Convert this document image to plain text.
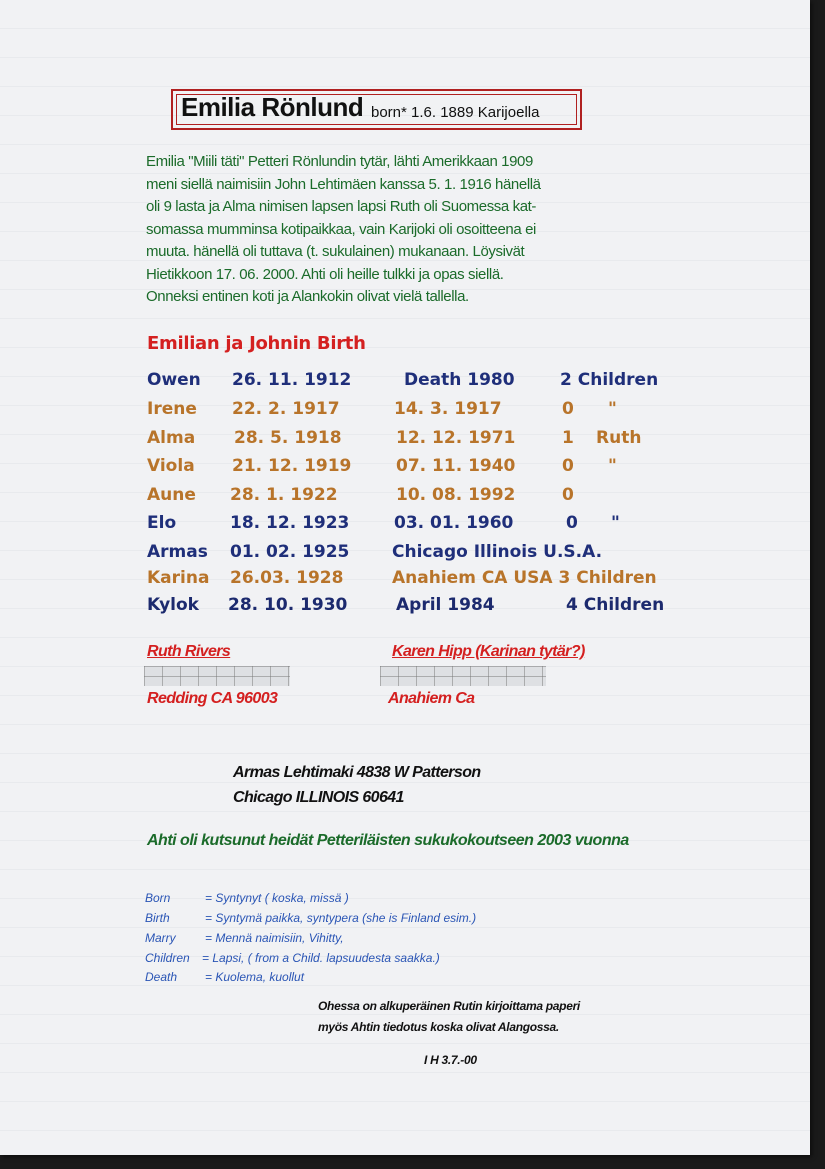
Emilia Rönlund born* 1.6. 1889 Karijoella
Emilia "Miili täti" Petteri Rönlundin tytär, lähti Amerikkaan 1909
meni siellä naimisiin John Lehtimäen kanssa 5. 1. 1916 hänellä
oli 9 lasta ja Alma nimisen lapsen lapsi Ruth oli Suomessa kat-
somassa mumminsa kotipaikkaa, vain Karijoki oli osoitteena ei
muuta. hänellä oli tuttava (t. sukulainen) mukanaan. Löysivät
Hietikkoon 17. 06. 2000. Ahti oli heille tulkki ja opas siellä.
Onneksi entinen koti ja Alankokin olivat vielä tallella.
Emilian ja Johnin Birth
Owen 26. 11. 1912	Death 1980	2 Children
Irene 22. 2. 1917	14. 3. 1917	0 "
Alma 28. 5. 1918	12. 12. 1971	1 Ruth
Viola 21. 12. 1919	07. 11. 1940	0 "
Aune 28. 1. 1922	10. 08. 1992	0
Elo	18. 12. 1923	03. 01. 1960	0 "
Armas 01. 02. 1925	Chicago Illinois U.S.A.
Karina 26.03. 1928	Anahiem CA USA 3 Children
Kylok 28. 10. 1930	April 1984	4 Children
Ruth Rivers
Redding CA 96003
Karen Hipp (Karinan tytär?)
Anahiem Ca
Armas Lehtimaki 4838 W Patterson
Chicago ILLINOIS 60641
Ahti oli kutsunut heidät Petteriläisten sukukokoutseen 2003 vuonna
Born	= Syntynyt ( koska, missä )
Birth	= Syntymä paikka, syntypera (she is Finland esim.)
Marry = Mennä naimisiin, Vihitty,
Children = Lapsi, ( from a Child. lapsuudesta saakka.)
Death = Kuolema, kuollut
Ohessa on alkuperäinen Rutin kirjoittama paperi
myös Ahtin tiedotus koska olivat Alangossa.
I H 3.7.-00
